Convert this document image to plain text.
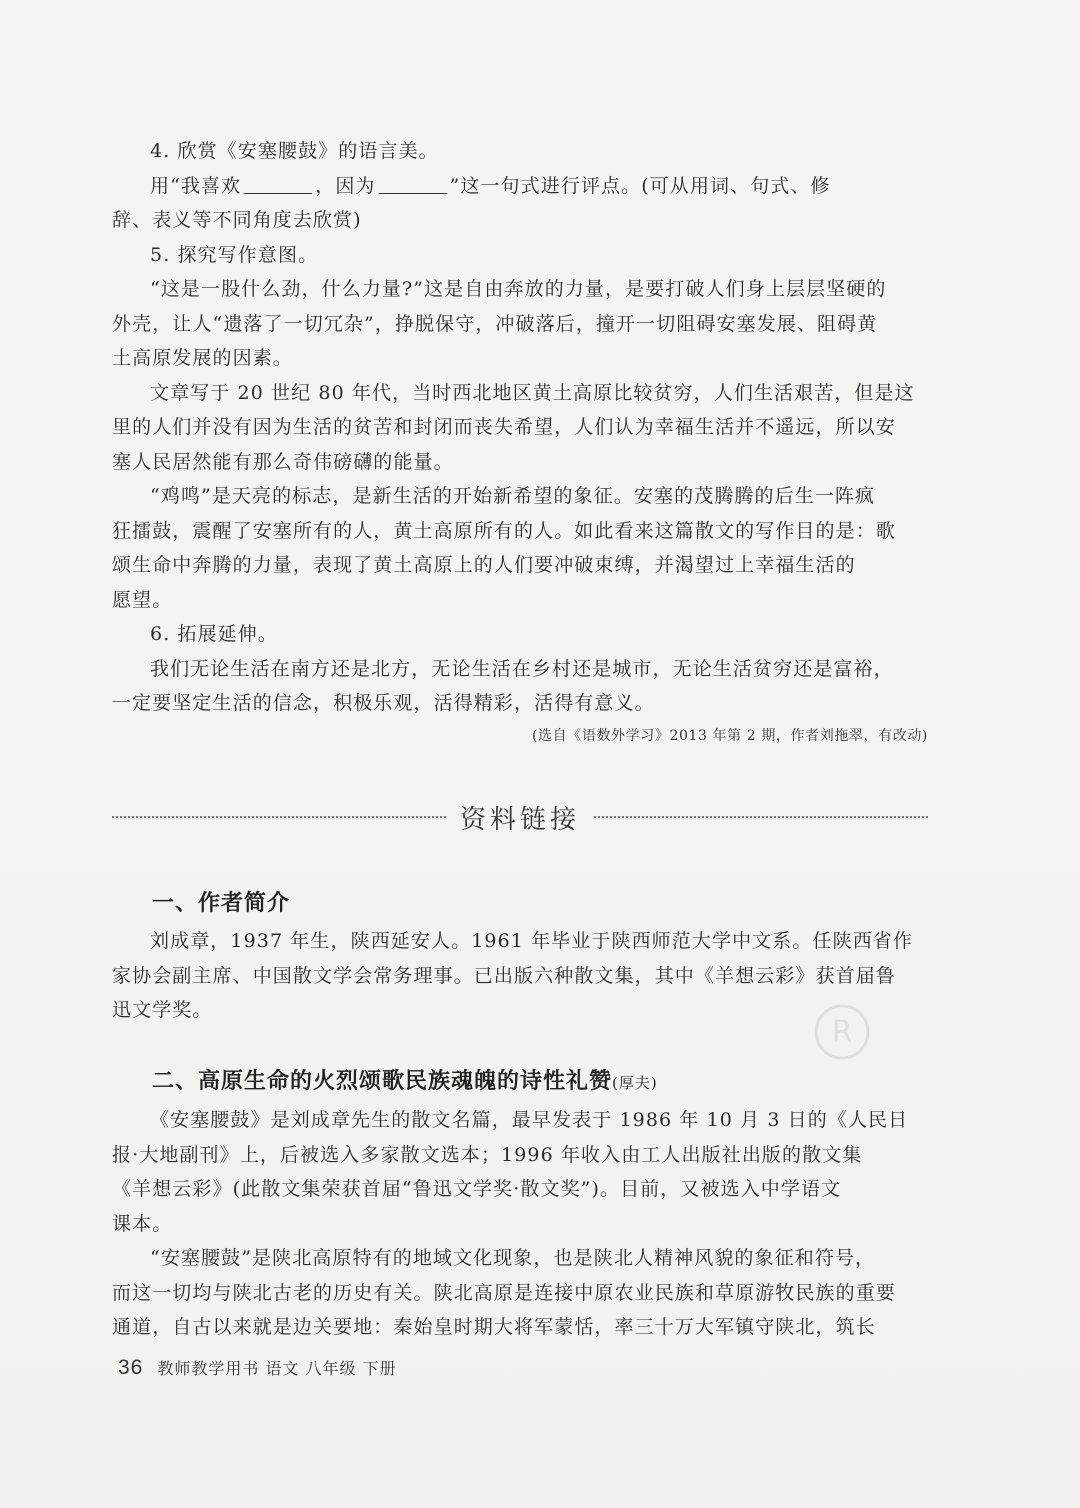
4. 欣赏《安塞腰鼓》的语言美。

用“我喜欢	，因为	”这一句式进行评点。(可从用词、句式、修

辞、表义等不同角度去欣赏)

5. 探究写作意图。

“这是一股什么劲，什么力量?”这是自由奔放的力量，是要打破人们身上层层坚硬的

外壳，让人“遗落了一切冗杂”，挣脱保守，冲破落后，撞开一切阻碍安塞发展、阻碍黄

土高原发展的因素。

文章写于 20 世纪 80 年代，当时西北地区黄土高原比较贫穷，人们生活艰苦，但是这

里的人们并没有因为生活的贫苦和封闭而丧失希望，人们认为幸福生活并不遥远，所以安

塞人民居然能有那么奇伟磅礴的能量。

“鸡鸣”是天亮的标志，是新生活的开始新希望的象征。安塞的茂腾腾的后生一阵疯

狂擂鼓，震醒了安塞所有的人，黄土高原所有的人。如此看来这篇散文的写作目的是：歌

颂生命中奔腾的力量，表现了黄土高原上的人们要冲破束缚，并渴望过上幸福生活的

愿望。

6. 拓展延伸。

我们无论生活在南方还是北方，无论生活在乡村还是城市，无论生活贫穷还是富裕，

一定要坚定生活的信念，积极乐观，活得精彩，活得有意义。

(选自《语数外学习》2013 年第 2 期，作者刘拖翠，有改动)

资料链接

一、作者简介

刘成章，1937 年生，陕西延安人。1961 年毕业于陕西师范大学中文系。任陕西省作

家协会副主席、中国散文学会常务理事。已出版六种散文集，其中《羊想云彩》获首届鲁

迅文学奖。

R

二、高原生命的火烈颂歌民族魂魄的诗性礼赞(厚夫)

《安塞腰鼓》是刘成章先生的散文名篇，最早发表于 1986 年 10 月 3 日的《人民日

报·大地副刊》上，后被选入多家散文选本；1996 年收入由工人出版社出版的散文集

《羊想云彩》(此散文集荣获首届“鲁迅文学奖·散文奖”)。目前，又被选入中学语文

课本。

“安塞腰鼓”是陕北高原特有的地域文化现象，也是陕北人精神风貌的象征和符号，

而这一切均与陕北古老的历史有关。陕北高原是连接中原农业民族和草原游牧民族的重要

通道，自古以来就是边关要地：秦始皇时期大将军蒙恬，率三十万大军镇守陕北，筑长

36 教师教学用书 语文 八年级 下册
